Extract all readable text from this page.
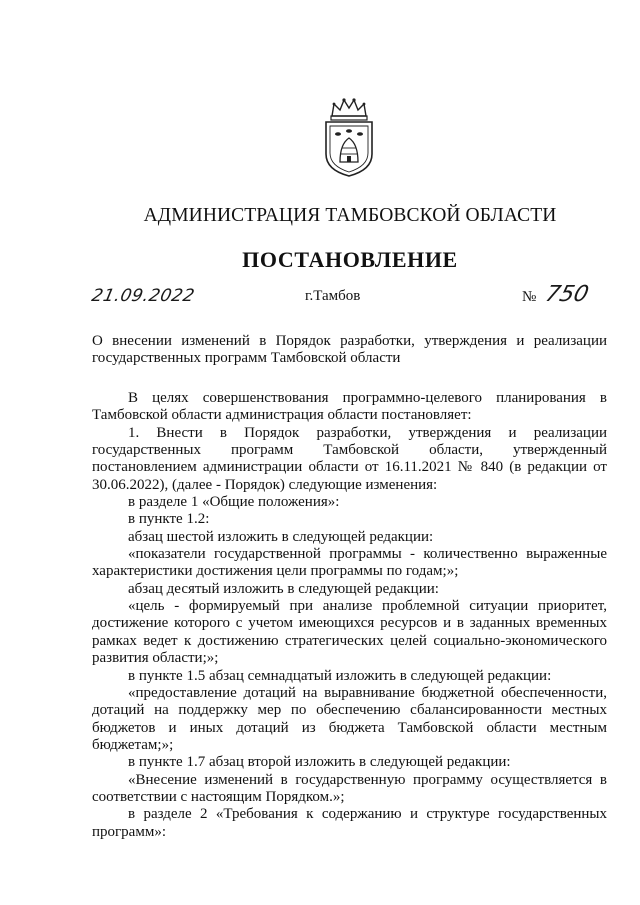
АДМИНИСТРАЦИЯ ТАМБОВСКОЙ ОБЛАСТИ
ПОСТАНОВЛЕНИЕ
21.09.2022	г.Тамбов	№ 750
О внесении изменений в Порядок разработки, утверждения и реализации государственных программ Тамбовской области

В целях совершенствования программно-целевого планирования в Тамбовской области администрация области постановляет:

1. Внести в Порядок разработки, утверждения и реализации государственных программ Тамбовской области, утвержденный постановлением администрации области от 16.11.2021 № 840 (в редакции от 30.06.2022), (далее - Порядок) следующие изменения:

в разделе 1 «Общие положения»:

в пункте 1.2:

абзац шестой изложить в следующей редакции:

«показатели государственной программы - количественно выраженные характеристики достижения цели программы по годам;»;

абзац десятый изложить в следующей редакции:

«цель - формируемый при анализе проблемной ситуации приоритет, достижение которого с учетом имеющихся ресурсов и в заданных временных рамках ведет к достижению стратегических целей социально-экономического развития области;»;

в пункте 1.5 абзац семнадцатый изложить в следующей редакции:

«предоставление дотаций на выравнивание бюджетной обеспеченности, дотаций на поддержку мер по обеспечению сбалансированности местных бюджетов и иных дотаций из бюджета Тамбовской области местным бюджетам;»;

в пункте 1.7 абзац второй изложить в следующей редакции:

«Внесение изменений в государственную программу осуществляется в соответствии с настоящим Порядком.»;

в разделе 2 «Требования к содержанию и структуре государственных программ»:
